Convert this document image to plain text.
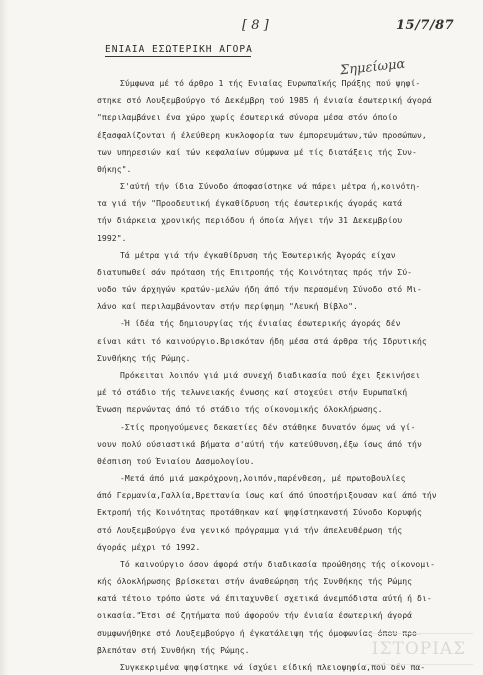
[ 8 ]	15/7/87
Σημείωμα
ΕΝΙΑΙΑ ΕΣΩΤΕΡΙΚΗ ΑΓΟΡΑ
Σύμφωνα μέ τό άρθρο 1 τής Ενιαίας Ευρωπαϊκής Πράξης πού ψηφί-
στηκε στό Λουξεμβούργο τό Δεκέμβρη τού 1985 ή ένιαία έσωτερική άγορά
"περιλαμβάνει ένα χώρο χωρίς έσωτερικά σύνορα μέσα στόν όποίο
έξασφαλίζονται ή έλεύθερη κυκλοφορία των έμπορευμάτων,τών προσώπων,
των υπηρεσιών καί τών κεφαλαίων σύμφωνα μέ τίς διατάξεις τής Συν-
θήκης".
Σ'αύτή τήν ίδια Σύνοδο άποφασίστηκε νά πάρει μέτρα ή,κοινότη-
τα γιά τήν "Προοδευτική έγκαθίδρυση τής έσωτερικής άγοράς κατά
τήν διάρκεια χρονικής περιόδου ή όποία λήγει τήν 31 Δεκεμβρίου
1992".
Τά μέτρα γιά τήν έγκαθίδρυση τής Έσωτερικής Άγοράς είχαν
διατυπωθεί σάν πρόταση τής Επιτροπής τής Κοινότητας πρός τήν Σύ-
νοδο τών άρχηγών κρατών-μελών ήδη άπό τήν περασμένη Σύνοδο στό Μι-
λάνο καί περιλαμβάνονταν στήν περίφημη "Λευκή Βίβλο".
-Ή ίδέα τής δημιουργίας τής ένιαίας έσωτερικής άγοράς δέν
είναι κάτι τό καινούργιο.Βρισκόταν ήδη μέσα στά άρθρα τής Ιδρυτικής
Συνθήκης τής Ρώμης.
Πρόκειται λοιπόν γιά μιά συνεχή διαδικασία πού έχει ξεκινήσει
μέ τό στάδιο τής τελωνειακής ένωσης καί στοχεύει στήν Ευρωπαϊκή
Ένωση περνώντας άπό τό στάδιο τής οίκονομικής όλοκλήρωσης.
-Στίς προηγούμενες δεκαετίες δέν στάθηκε δυνατόν όμως νά γί-
νουν πολύ ούσιαστικά βήματα σ'αύτή τήν κατεύθυνση,έξω ίσως άπό τήν
θέσπιση τού Ένιαίου Δασμολογίου.
-Μετά άπό μιά μακρόχρονη,λοιπόν,παρένθεση, μέ πρωτοβουλίες
άπό Γερμανία,Γαλλία,Βρεττανία ίσως καί άπό ύποστήριξουσαν καί άπό τήν
Εκτροπή τής Κοινότητας προτάθηκαν καί ψηφίστηκανστή Σύνοδο Κορυφής
στό Λουξεμβούργο ένα γενικό πρόγραμμα γιά τήν άπελευθέρωση τής
άγοράς μέχρι τό 1992.
Τό καινούργιο όσον άφορά στήν διαδικασία προώθησης τής οίκονομι-
κής όλοκλήρωσης βρίσκεται στήν άναθεώρηση τής Συνθήκης τής Ρώμης
κατά τέτοιο τρόπο ώστε νά έπιταχυνθεί σχετικά άνεμπόδιστα αύτή ή δι-
οικασία."Έτσι σέ ζητήματα πού άφορούν τήν ένιαία έσωτερική άγορά
συμφωνήθηκε στό Λουξεμβούργο ή έγκατάλειψη τής όμοφωνίας όπου προ-
βλεπόταν στή Συνθήκη τής Ρώμης.
Συγκεκριμένα ψηφίστηκε νά ίσχύει είδική πλειοψηφία,πού δέν πα-
ΙΣΤΟΡΙΑΣ
